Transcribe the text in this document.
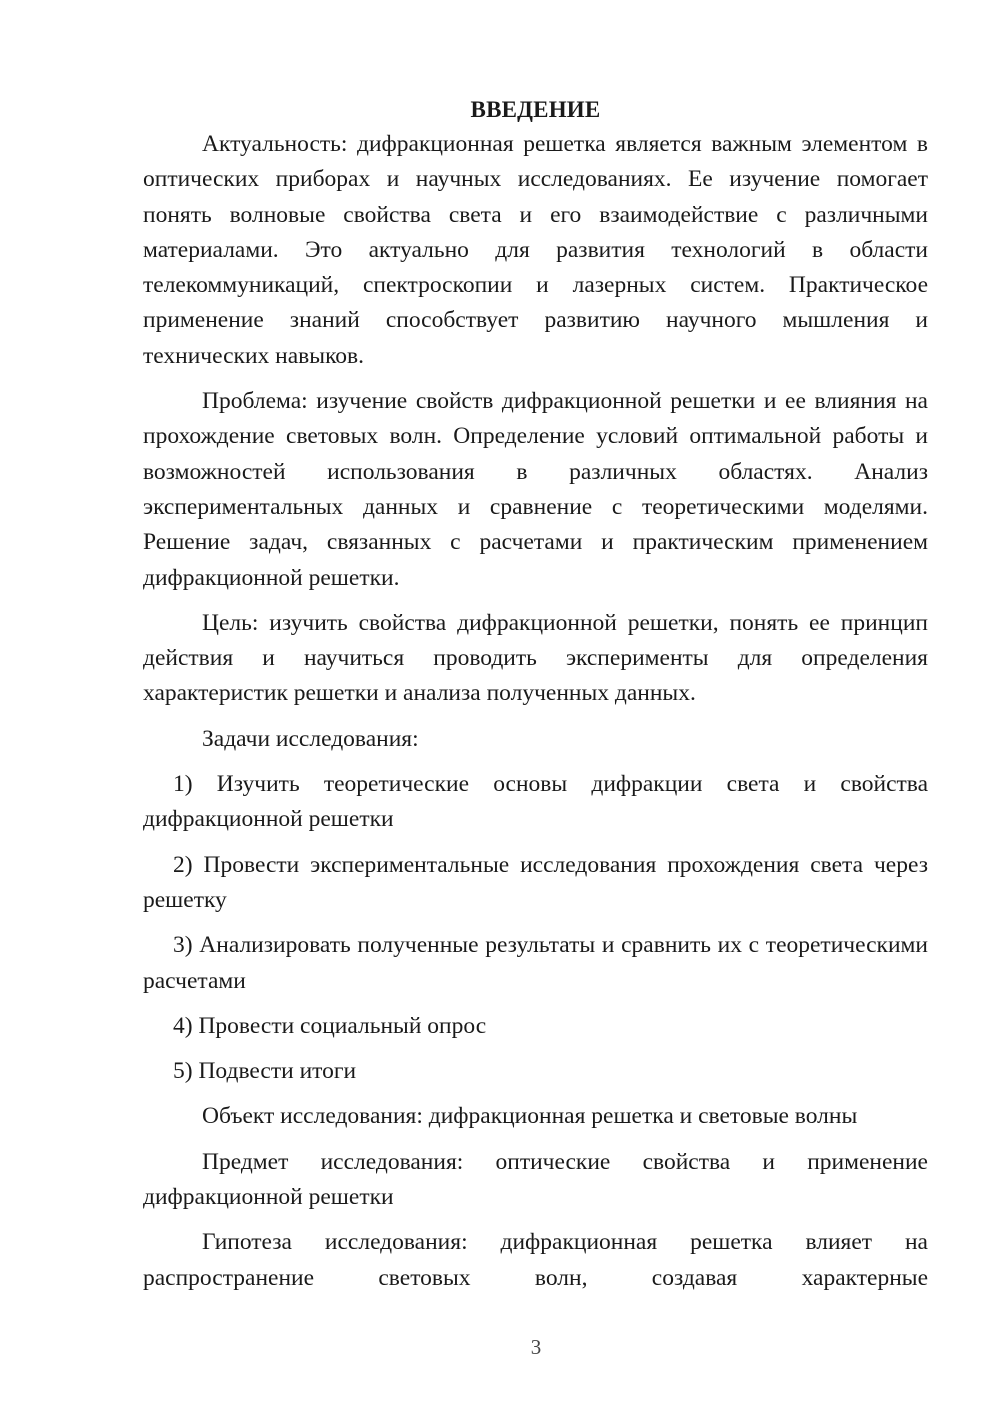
ВВЕДЕНИЕ

Актуальность: дифракционная решетка является важным элементом в оптических приборах и научных исследованиях. Ее изучение помогает понять волновые свойства света и его взаимодействие с различными материалами. Это актуально для развития технологий в области телекоммуникаций, спектроскопии и лазерных систем. Практическое применение знаний способствует развитию научного мышления и технических навыков.

Проблема: изучение свойств дифракционной решетки и ее влияния на прохождение световых волн. Определение условий оптимальной работы и возможностей использования в различных областях. Анализ экспериментальных данных и сравнение с теоретическими моделями. Решение задач, связанных с расчетами и практическим применением дифракционной решетки.

Цель: изучить свойства дифракционной решетки, понять ее принцип действия и научиться проводить эксперименты для определения характеристик решетки и анализа полученных данных.

Задачи исследования:

1) Изучить теоретические основы дифракции света и свойства дифракционной решетки

2) Провести экспериментальные исследования прохождения света через решетку

3) Анализировать полученные результаты и сравнить их с теоретическими расчетами

4) Провести социальный опрос

5) Подвести итоги

Объект исследования: дифракционная решетка и световые волны

Предмет исследования: оптические свойства и применение дифракционной решетки

Гипотеза исследования: дифракционная решетка влияет на распространение световых волн, создавая характерные

3
